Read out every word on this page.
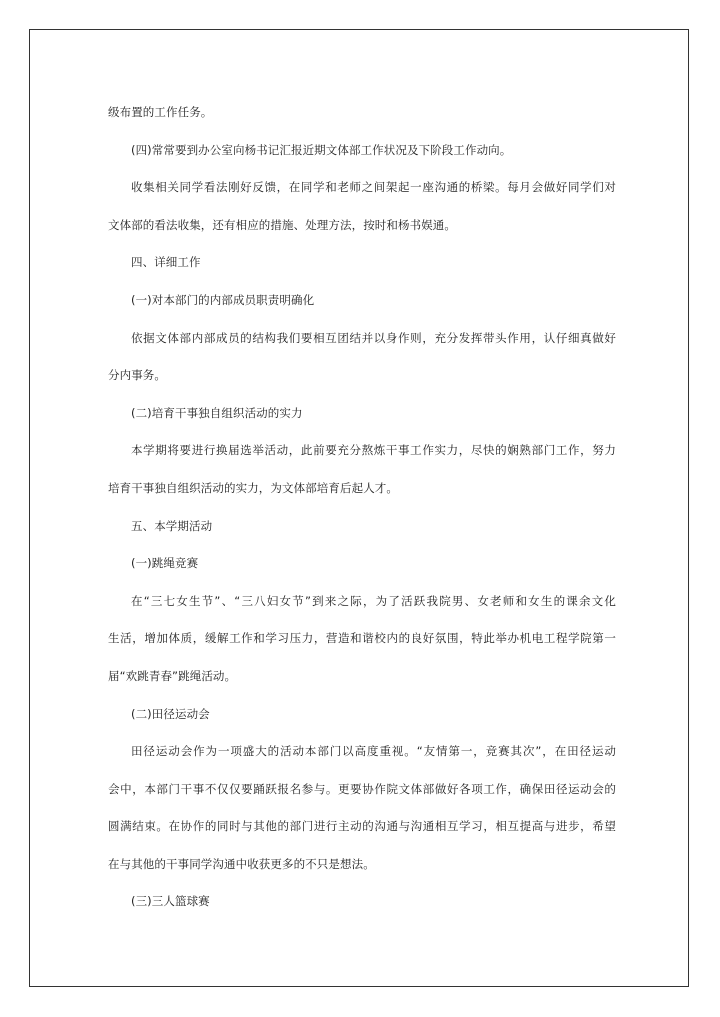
级布置的工作任务。
(四)常常要到办公室向杨书记汇报近期文体部工作状况及下阶段工作动向。
收集相关同学看法刚好反馈，在同学和老师之间架起一座沟通的桥梁。每月会做好同学们对
文体部的看法收集，还有相应的措施、处理方法，按时和杨书娱通。
四、详细工作
(一)对本部门的内部成员职责明确化
依据文体部内部成员的结构我们要相互团结并以身作则，充分发挥带头作用，认仔细真做好
分内事务。
(二)培育干事独自组织活动的实力
本学期将要进行换届选举活动，此前要充分熬炼干事工作实力，尽快的娴熟部门工作，努力
培育干事独自组织活动的实力，为文体部培育后起人才。
五、本学期活动
(一)跳绳竞赛
在“三七女生节”、“三八妇女节”到来之际，为了活跃我院男、女老师和女生的课余文化
生活，增加体质，缓解工作和学习压力，营造和谐校内的良好氛围，特此举办机电工程学院第一
届“欢跳青春”跳绳活动。
(二)田径运动会
田径运动会作为一项盛大的活动本部门以高度重视。“友情第一，竞赛其次”，在田径运动
会中，本部门干事不仅仅要踊跃报名参与。更要协作院文体部做好各项工作，确保田径运动会的
圆满结束。在协作的同时与其他的部门进行主动的沟通与沟通相互学习，相互提高与进步，希望
在与其他的干事同学沟通中收获更多的不只是想法。
(三)三人篮球赛
